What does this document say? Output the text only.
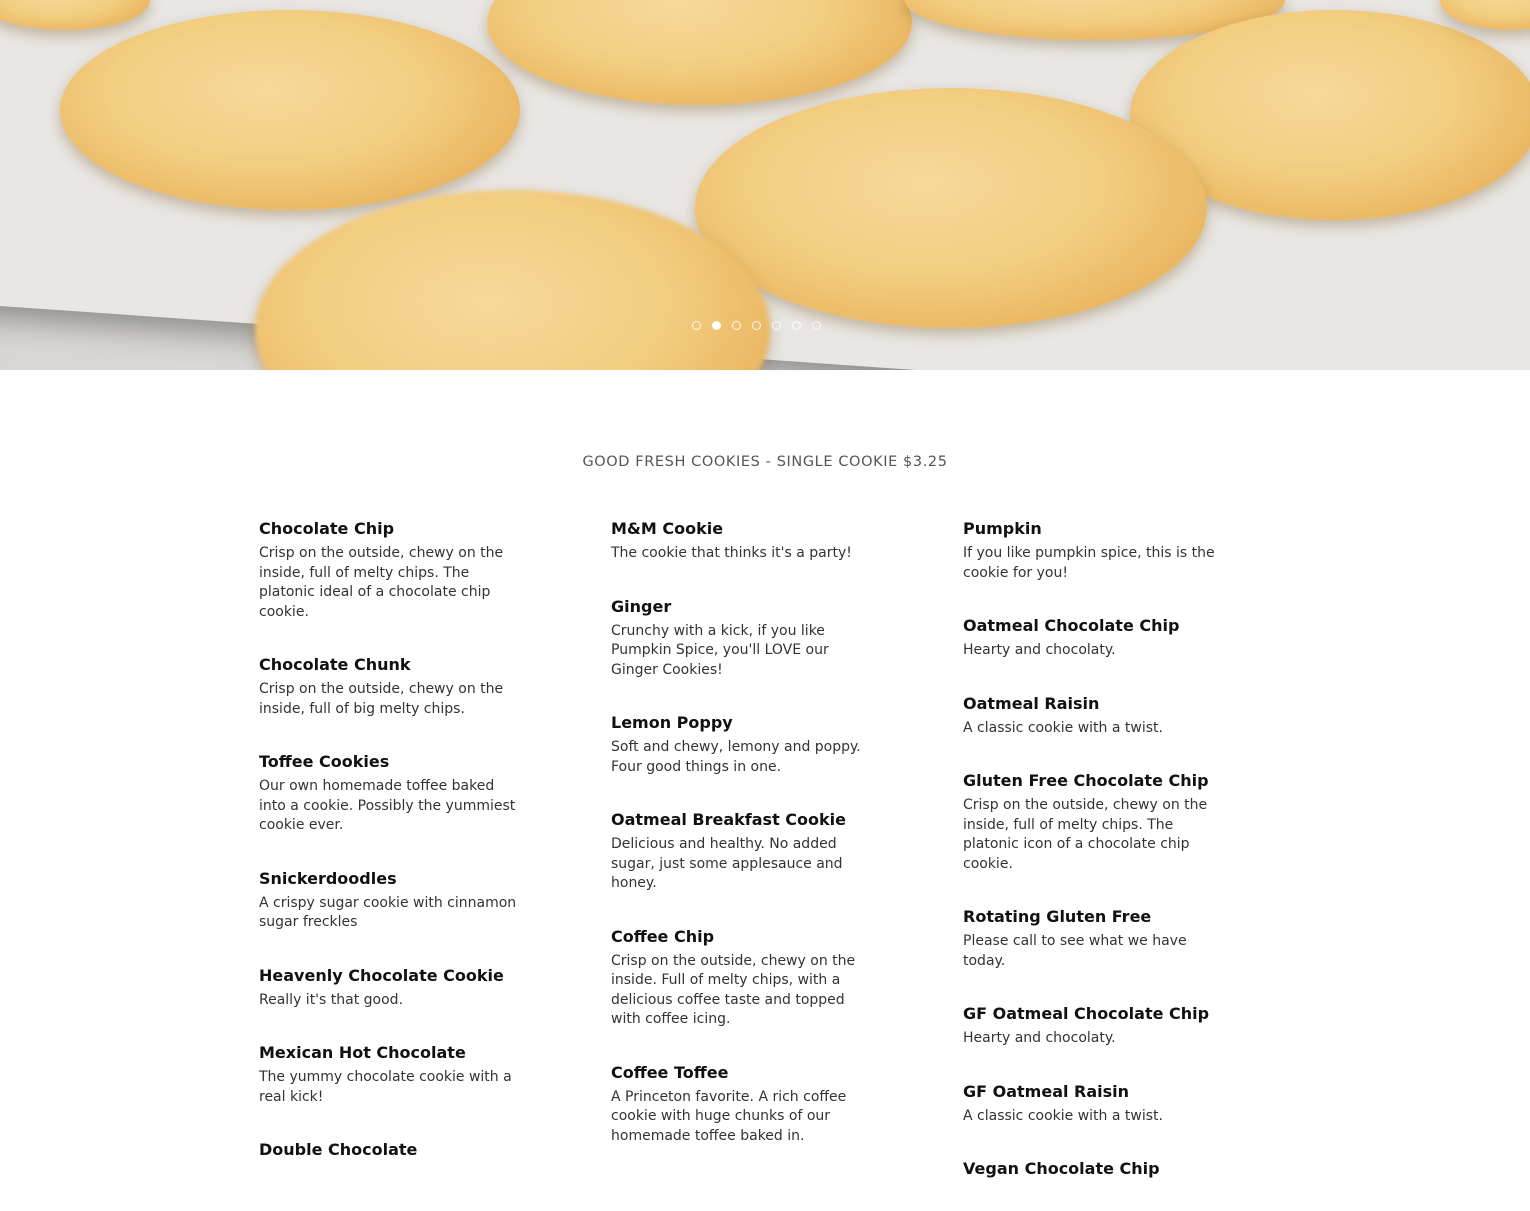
GOOD FRESH COOKIES - SINGLE COOKIE $3.25
Chocolate Chip
Crisp on the outside, chewy on the inside, full of melty chips. The platonic ideal of a chocolate chip cookie.
Chocolate Chunk
Crisp on the outside, chewy on the inside, full of big melty chips.
Toffee Cookies
Our own homemade toffee baked into a cookie. Possibly the yummiest cookie ever.
Snickerdoodles
A crispy sugar cookie with cinnamon sugar freckles
Heavenly Chocolate Cookie
Really it's that good.
Mexican Hot Chocolate
The yummy chocolate cookie with a real kick!
Double Chocolate
M&M Cookie
The cookie that thinks it's a party!
Ginger
Crunchy with a kick, if you like Pumpkin Spice, you'll LOVE our Ginger Cookies!
Lemon Poppy
Soft and chewy, lemony and poppy. Four good things in one.
Oatmeal Breakfast Cookie
Delicious and healthy. No added sugar, just some applesauce and honey.
Coffee Chip
Crisp on the outside, chewy on the inside. Full of melty chips, with a delicious coffee taste and topped with coffee icing.
Coffee Toffee
A Princeton favorite. A rich coffee cookie with huge chunks of our homemade toffee baked in.
Pumpkin
If you like pumpkin spice, this is the cookie for you!
Oatmeal Chocolate Chip
Hearty and chocolaty.
Oatmeal Raisin
A classic cookie with a twist.
Gluten Free Chocolate Chip
Crisp on the outside, chewy on the inside, full of melty chips. The platonic icon of a chocolate chip cookie.
Rotating Gluten Free
Please call to see what we have today.
GF Oatmeal Chocolate Chip
Hearty and chocolaty.
GF Oatmeal Raisin
A classic cookie with a twist.
Vegan Chocolate Chip
